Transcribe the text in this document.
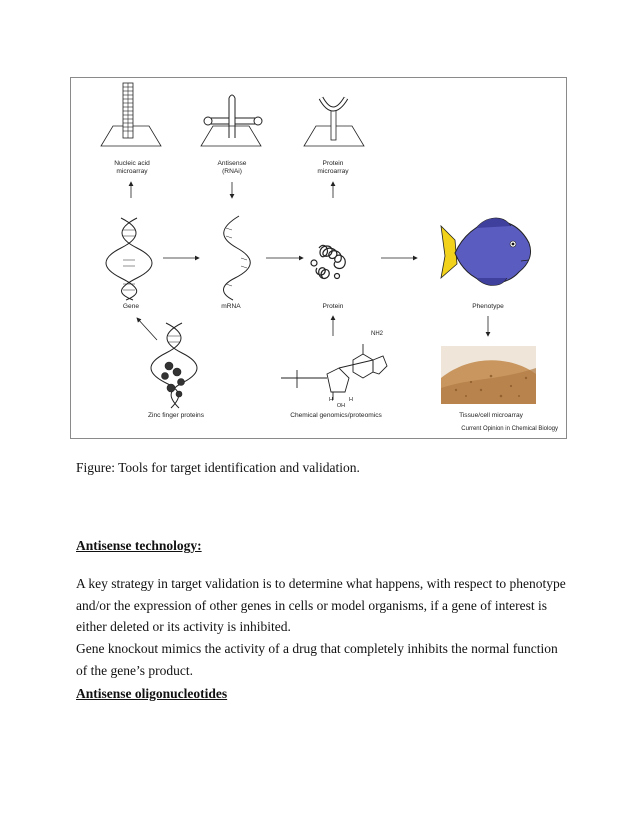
Nucleic acid
microarray
Antisense
(RNAi)
Protein
microarray
Gene	mRNA	Protein	Phenotype
Zinc finger proteins	Chemical genomics/proteomics	Tissue/cell microarray
NH2
H
OH
H
Current Opinion in Chemical Biology
Figure: Tools for target identification and validation.
Antisense technology:
A key strategy in target validation is to determine what happens, with respect to phenotype and/or the expression of other genes in cells or model organisms, if a gene of interest is either deleted or its activity is inhibited.
Gene knockout mimics the activity of a drug that completely inhibits the normal function of the gene’s product.
Antisense oligonucleotides
